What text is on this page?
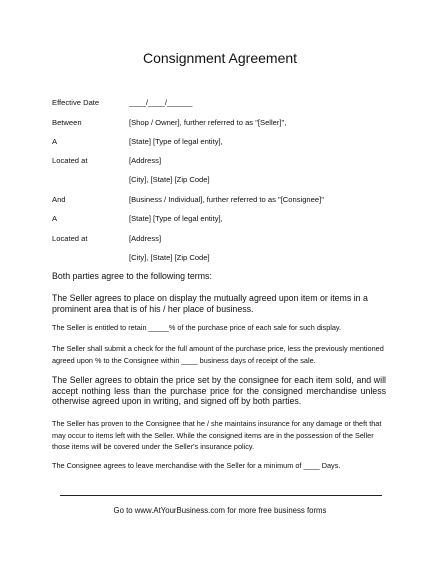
Consignment Agreement
Effective Date	____/____/______
Between	[Shop / Owner], further referred to as "[Seller]",
A	[State] [Type of legal entity],
Located at	[Address]
[City], [State] [Zip Code]
And	[Business / Individual], further referred to as "[Consignee]"
A	[State] [Type of legal entity],
Located at	[Address]
[City], [State] [Zip Code]
Both parties agree to the following terms:
The Seller agrees to place on display the mutually agreed upon item or items in a prominent area that is of his / her place of business.
The Seller is entitled to retain _____% of the purchase price of each sale for such display.
The Seller shall submit a check for the full amount of the purchase price, less the previously mentioned agreed upon % to the Consignee within ____ business days of receipt of the sale.
The Seller agrees to obtain the price set by the consignee for each item sold, and will accept nothing less than the purchase price for the consigned merchandise unless otherwise agreed upon in writing, and signed off by both parties.
The Seller has proven to the Consignee that he / she maintains insurance for any damage or theft that may occur to items left with the Seller. While the consigned items are in the possession of the Seller those items will be covered under the Seller's insurance policy.
The Consignee agrees to leave merchandise with the Seller for a minimum of ____ Days.
Go to www.AtYourBusiness.com for more free business forms
